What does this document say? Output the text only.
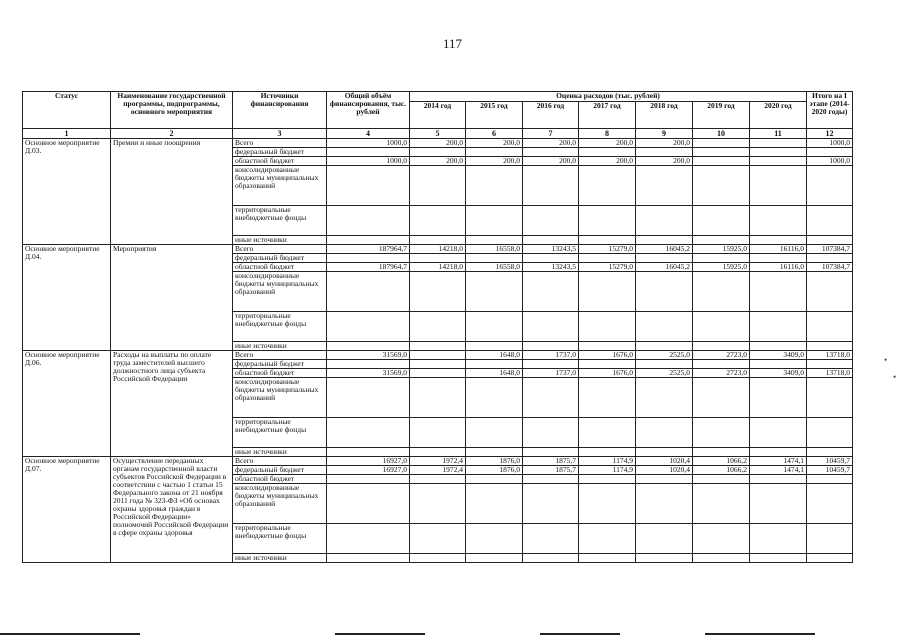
117
Статус	Наименование государственной программы, подпрограммы, основного мероприятия	Источники финансирования	Общий объём финансирования, тыс. рублей	Оценка расходов (тыс. рублей)							Итого на I этапе (2014-2020 годы)
				2014 год	2015 год	2016 год	2017 год	2018 год	2019 год	2020 год	
1	2	3	4	5	6	7	8	9	10	11	12
Основное мероприятие Д.03.	Премии и иные поощрения	Всего	1000,0	200,0	200,0	200,0	200,0	200,0			1000,0
		федеральный бюджет									
		областной бюджет	1000,0	200,0	200,0	200,0	200,0	200,0			1000,0
		консолидированные бюджеты муниципальных образований									
		территориальные внебюджетные фонды									
		иные источники									
Основное мероприятие Д.04.	Мероприятия	Всего	187964,7	14218,0	16558,0	13243,5	15279,0	16045,2	15925,0	16116,0	107384,7
		федеральный бюджет									
		областной бюджет	187964,7	14218,0	16558,0	13243,5	15279,0	16045,2	15925,0	16116,0	107384,7
		консолидированные бюджеты муниципальных образований									
		территориальные внебюджетные фонды									
		иные источники									
Основное мероприятие Д.06.	Расходы на выплаты по оплате труда заместителей высшего должностного лица субъекта Российской Федерации	Всего	31569,0		1648,0	1737,0	1676,0	2525,0	2723,0	3409,0	13718,0
		федеральный бюджет									
		областной бюджет	31569,0		1648,0	1737,0	1676,0	2525,0	2723,0	3409,0	13718,0
		консолидированные бюджеты муниципальных образований									
		территориальные внебюджетные фонды									
		иные источники									
Основное мероприятие Д.07.	Осуществление переданных органам государственной власти субъектов Российской Федерации в соответствии с частью 1 статьи 15 Федерального закона от 21 ноября 2011 года № 323-ФЗ «Об основах охраны здоровья граждан в Российской Федерации» полномочий Российской Федерации в сфере охраны здоровья	Всего	16927,0	1972,4	1876,0	1875,7	1174,9	1020,4	1066,2	1474,1	10459,7
		федеральный бюджет	16927,0	1972,4	1876,0	1875,7	1174,9	1020,4	1066,2	1474,1	10459,7
		областной бюджет									
		консолидированные бюджеты муниципальных образований									
		территориальные внебюджетные фонды									
		иные источники									
•
•
